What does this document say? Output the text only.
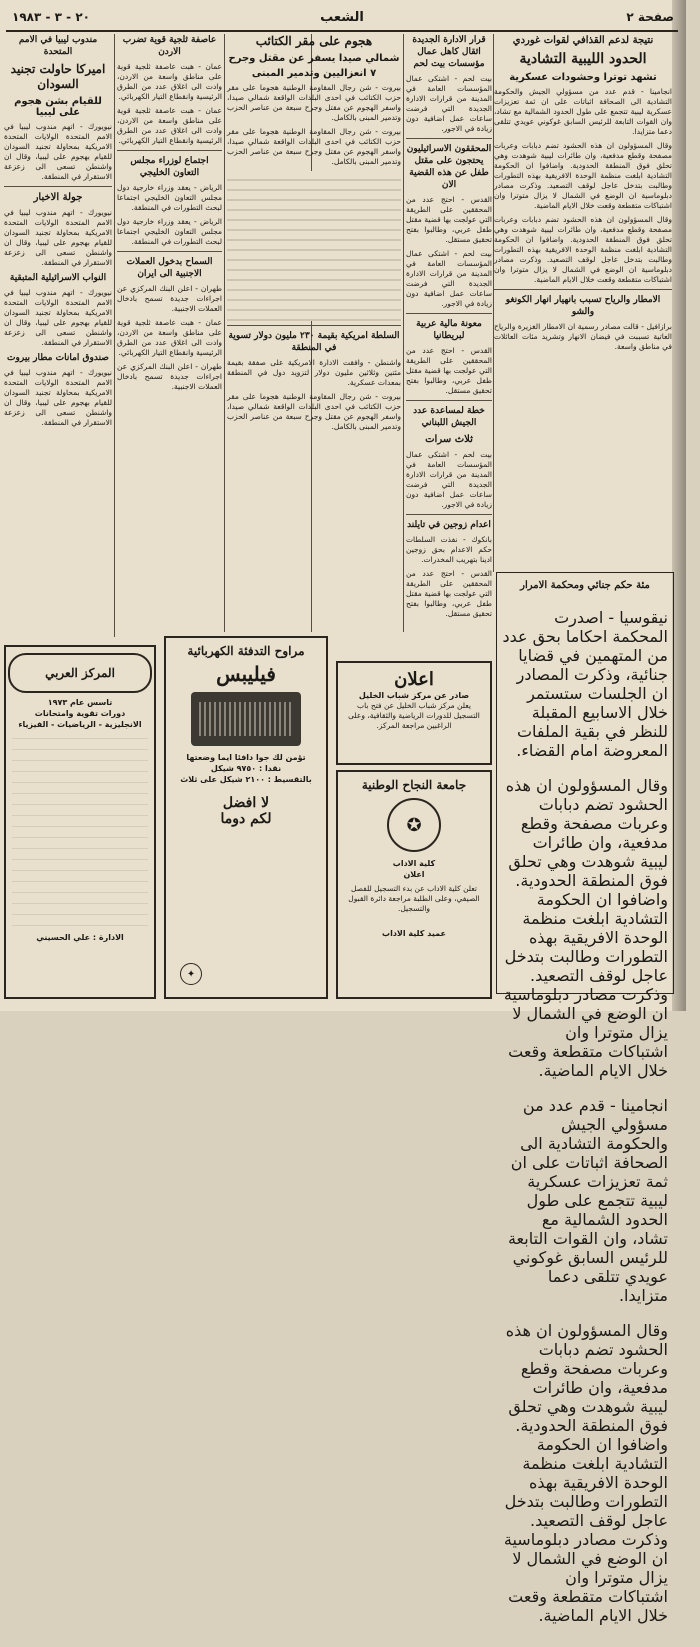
صفحة ٢
الشعب
٢٠ - ٣ - ١٩٨٣
نتيجة لدعم القذافي لقوات غوردي
الحدود الليبية التشادية
تشهد توترا وحشودات عسكرية

انجامينا - قدم عدد من مسؤولي الجيش والحكومة التشادية الى الصحافة اثباتات على ان ثمة تعزيزات عسكرية ليبية تتجمع على طول الحدود الشمالية مع تشاد، وان القوات التابعة للرئيس السابق غوكوني عويدي تتلقى دعما متزايدا.

وقال المسؤولون ان هذه الحشود تضم دبابات وعربات مصفحة وقطع مدفعية، وان طائرات ليبية شوهدت وهي تحلق فوق المنطقة الحدودية. واضافوا ان الحكومة التشادية ابلغت منظمة الوحدة الافريقية بهذه التطورات وطالبت بتدخل عاجل لوقف التصعيد. وذكرت مصادر دبلوماسية ان الوضع في الشمال لا يزال متوترا وان اشتباكات متقطعة وقعت خلال الايام الماضية.

وقال المسؤولون ان هذه الحشود تضم دبابات وعربات مصفحة وقطع مدفعية، وان طائرات ليبية شوهدت وهي تحلق فوق المنطقة الحدودية. واضافوا ان الحكومة التشادية ابلغت منظمة الوحدة الافريقية بهذه التطورات وطالبت بتدخل عاجل لوقف التصعيد. وذكرت مصادر دبلوماسية ان الوضع في الشمال لا يزال متوترا وان اشتباكات متقطعة وقعت خلال الايام الماضية.

الامطار والرياح تسبب بانهيار انهار الكونغو والشو

برازافيل - قالت مصادر رسمية ان الامطار الغزيرة والرياح العاتية تسببت في فيضان الانهار وتشريد مئات العائلات في مناطق واسعة.

مئة حكم جنائي ومحكمة الامرار

نيقوسيا - اصدرت المحكمة احكاما بحق عدد من المتهمين في قضايا جنائية، وذكرت المصادر ان الجلسات ستستمر خلال الاسابيع المقبلة للنظر في بقية الملفات المعروضة امام القضاء.

وقال المسؤولون ان هذه الحشود تضم دبابات وعربات مصفحة وقطع مدفعية، وان طائرات ليبية شوهدت وهي تحلق فوق المنطقة الحدودية. واضافوا ان الحكومة التشادية ابلغت منظمة الوحدة الافريقية بهذه التطورات وطالبت بتدخل عاجل لوقف التصعيد. وذكرت مصادر دبلوماسية ان الوضع في الشمال لا يزال متوترا وان اشتباكات متقطعة وقعت خلال الايام الماضية.

انجامينا - قدم عدد من مسؤولي الجيش والحكومة التشادية الى الصحافة اثباتات على ان ثمة تعزيزات عسكرية ليبية تتجمع على طول الحدود الشمالية مع تشاد، وان القوات التابعة للرئيس السابق غوكوني عويدي تتلقى دعما متزايدا.

وقال المسؤولون ان هذه الحشود تضم دبابات وعربات مصفحة وقطع مدفعية، وان طائرات ليبية شوهدت وهي تحلق فوق المنطقة الحدودية. واضافوا ان الحكومة التشادية ابلغت منظمة الوحدة الافريقية بهذه التطورات وطالبت بتدخل عاجل لوقف التصعيد. وذكرت مصادر دبلوماسية ان الوضع في الشمال لا يزال متوترا وان اشتباكات متقطعة وقعت خلال الايام الماضية.

قرار الادارة الجديدة اثقال كاهل عمال مؤسسات بيت لحم

بيت لحم - اشتكى عمال المؤسسات العامة في المدينة من قرارات الادارة الجديدة التي فرضت ساعات عمل اضافية دون زيادة في الاجور.

المحققون الاسرائيليون يحتجون على مقتل طفل عن هذه القضية الان

القدس - احتج عدد من المحققين على الطريقة التي عولجت بها قضية مقتل طفل عربي، وطالبوا بفتح تحقيق مستقل.

بيت لحم - اشتكى عمال المؤسسات العامة في المدينة من قرارات الادارة الجديدة التي فرضت ساعات عمل اضافية دون زيادة في الاجور.

معونة مالية عربية لبريطانيا

القدس - احتج عدد من المحققين على الطريقة التي عولجت بها قضية مقتل طفل عربي، وطالبوا بفتح تحقيق مستقل.

خطة لمساعدة عدد الجيش اللبناني
ثلاث سرات

بيت لحم - اشتكى عمال المؤسسات العامة في المدينة من قرارات الادارة الجديدة التي فرضت ساعات عمل اضافية دون زيادة في الاجور.

اعدام زوجين في تايلند

بانكوك - نفذت السلطات حكم الاعدام بحق زوجين ادينا بتهريب المخدرات.

القدس - احتج عدد من المحققين على الطريقة التي عولجت بها قضية مقتل طفل عربي، وطالبوا بفتح تحقيق مستقل.

هجوم على مقر الكتائب
شمالي صيدا يسفر عن مقتل وجرح
٧ انعزاليين وتدمير المبنى

بيروت - شن رجال المقاومة الوطنية هجوما على مقر حزب الكتائب في احدى البلدات الواقعة شمالي صيدا، واسفر الهجوم عن مقتل وجرح سبعة من عناصر الحزب وتدمير المبنى بالكامل.

بيروت - شن رجال المقاومة الوطنية هجوما على مقر حزب الكتائب في احدى البلدات الواقعة شمالي صيدا، واسفر الهجوم عن مقتل وجرح سبعة من عناصر الحزب وتدمير المبنى بالكامل.

السلطة امريكية بقيمة ٢٣٠ مليون دولار تسوية في المنطقة

واشنطن - وافقت الادارة الامريكية على صفقة بقيمة مئتين وثلاثين مليون دولار لتزويد دول في المنطقة بمعدات عسكرية.

بيروت - شن رجال المقاومة الوطنية هجوما على مقر حزب الكتائب في احدى البلدات الواقعة شمالي صيدا، واسفر الهجوم عن مقتل وجرح سبعة من عناصر الحزب وتدمير المبنى بالكامل.

عاصفة ثلجية قوية تضرب الاردن

عمان - هبت عاصفة ثلجية قوية على مناطق واسعة من الاردن، وادت الى اغلاق عدد من الطرق الرئيسية وانقطاع التيار الكهربائي.

عمان - هبت عاصفة ثلجية قوية على مناطق واسعة من الاردن، وادت الى اغلاق عدد من الطرق الرئيسية وانقطاع التيار الكهربائي.

اجتماع لوزراء مجلس التعاون الخليجي

الرياض - يعقد وزراء خارجية دول مجلس التعاون الخليجي اجتماعا لبحث التطورات في المنطقة.

الرياض - يعقد وزراء خارجية دول مجلس التعاون الخليجي اجتماعا لبحث التطورات في المنطقة.

السماح بدخول العملات الاجنبية الى ايران

طهران - اعلن البنك المركزي عن اجراءات جديدة تسمح بادخال العملات الاجنبية.

عمان - هبت عاصفة ثلجية قوية على مناطق واسعة من الاردن، وادت الى اغلاق عدد من الطرق الرئيسية وانقطاع التيار الكهربائي.

طهران - اعلن البنك المركزي عن اجراءات جديدة تسمح بادخال العملات الاجنبية.

مندوب ليبيا في الامم المتحدة
اميركا حاولت تجنيد السودان
للقيام بشن هجوم على ليبيا

نيويورك - اتهم مندوب ليبيا في الامم المتحدة الولايات المتحدة الامريكية بمحاولة تجنيد السودان للقيام بهجوم على ليبيا، وقال ان واشنطن تسعى الى زعزعة الاستقرار في المنطقة.

جولة الاخبار

نيويورك - اتهم مندوب ليبيا في الامم المتحدة الولايات المتحدة الامريكية بمحاولة تجنيد السودان للقيام بهجوم على ليبيا، وقال ان واشنطن تسعى الى زعزعة الاستقرار في المنطقة.

النواب الاسرائيلية المتبقية

نيويورك - اتهم مندوب ليبيا في الامم المتحدة الولايات المتحدة الامريكية بمحاولة تجنيد السودان للقيام بهجوم على ليبيا، وقال ان واشنطن تسعى الى زعزعة الاستقرار في المنطقة.

صندوق امانات مطار بيروت

نيويورك - اتهم مندوب ليبيا في الامم المتحدة الولايات المتحدة الامريكية بمحاولة تجنيد السودان للقيام بهجوم على ليبيا، وقال ان واشنطن تسعى الى زعزعة الاستقرار في المنطقة.

المركز العربي

تاسس عام ١٩٧٣

دورات تقوية وامتحانات

الانجليزية - الرياضيات - الفيزياء

الادارة : علي الحسيني

مراوح التدفئة الكهربائية
فيليبس

تؤمن لك جوا دافئا ايما وضعتها

نقدا : ٩٧٥٠ شيكل

بالتقسيط : ٢١٠٠ شيكل على ثلاث

لا افضل
لكم دوما
✦
اعلان

صادر عن مركز شباب الخليل

يعلن مركز شباب الخليل عن فتح باب التسجيل للدورات الرياضية والثقافية، وعلى الراغبين مراجعة المركز.

جامعة النجاح الوطنية
✪

كلية الاداب

اعلان

تعلن كلية الاداب عن بدء التسجيل للفصل الصيفي، وعلى الطلبة مراجعة دائرة القبول والتسجيل.

عميد كلية الاداب
